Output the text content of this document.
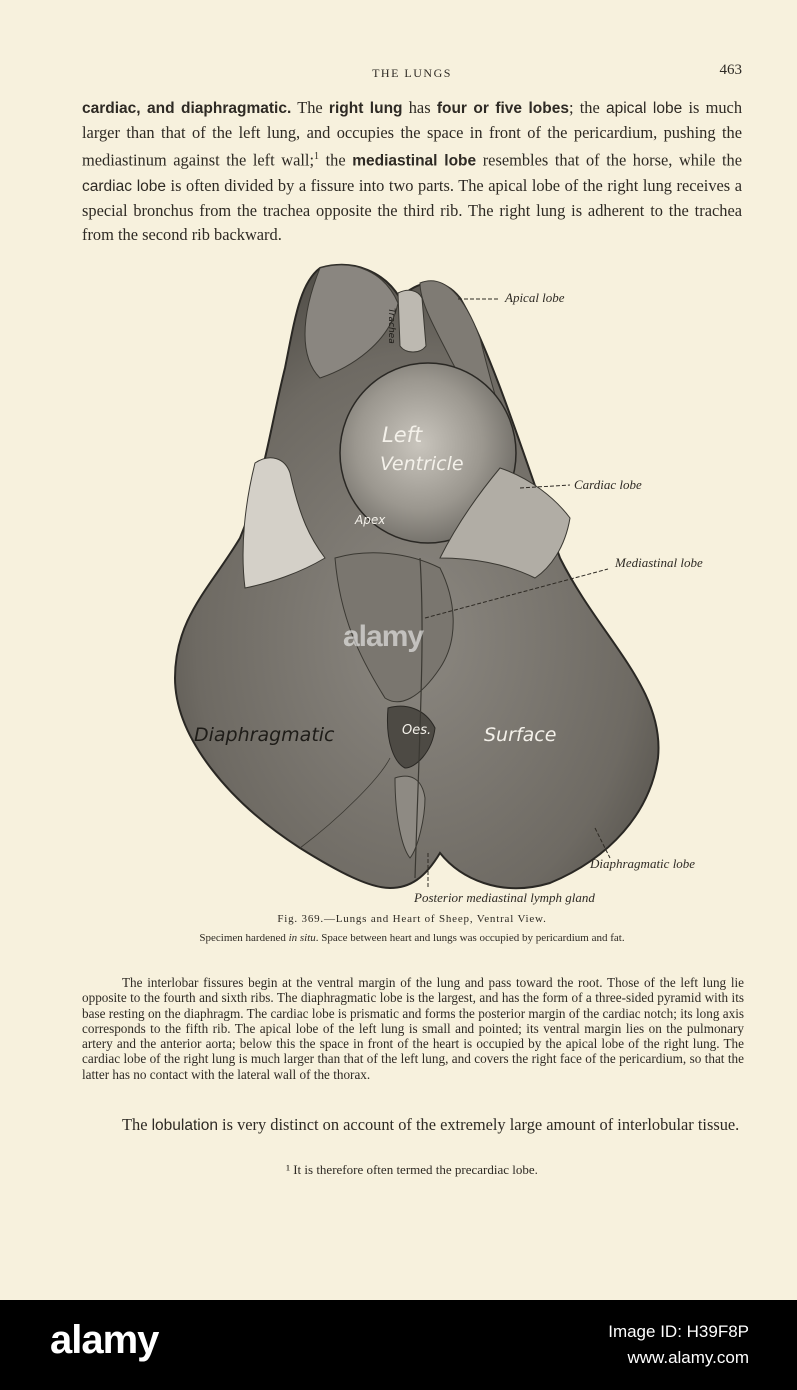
THE LUNGS	463

cardiac, and diaphragmatic. The right lung has four or five lobes; the apical lobe is much larger than that of the left lung, and occupies the space in front of the pericardium, pushing the mediastinum against the left wall;$^1$ the mediastinal lobe resembles that of the horse, while the cardiac lobe is often divided by a fissure into two parts. The apical lobe of the right lung receives a special bronchus from the trachea opposite the third rib. The right lung is adherent to the trachea from the second rib backward.

Trachea
Left
Ventricle
Apex
Diaphragmatic	Surface
Oes.
Apical lobe
Cardiac lobe
Mediastinal lobe
Diaphragmatic lobe
Posterior mediastinal lymph gland
Fig. 369.—Lungs and Heart of Sheep, Ventral View.
Specimen hardened in situ. Space between heart and lungs was occupied by pericardium and fat.

The interlobar fissures begin at the ventral margin of the lung and pass toward the root. Those of the left lung lie opposite to the fourth and sixth ribs. The diaphragmatic lobe is the largest, and has the form of a three-sided pyramid with its base resting on the diaphragm. The cardiac lobe is prismatic and forms the posterior margin of the cardiac notch; its long axis corresponds to the fifth rib. The apical lobe of the left lung is small and pointed; its ventral margin lies on the pulmonary artery and the anterior aorta; below this the space in front of the heart is occupied by the apical lobe of the right lung. The cardiac lobe of the right lung is much larger than that of the left lung, and covers the right face of the pericardium, so that the latter has no contact with the lateral wall of the thorax.

The lobulation is very distinct on account of the extremely large amount of interlobular tissue.

¹ It is therefore often termed the precardiac lobe.
alamy
alamy	Image ID: H39F8P
www.alamy.com
